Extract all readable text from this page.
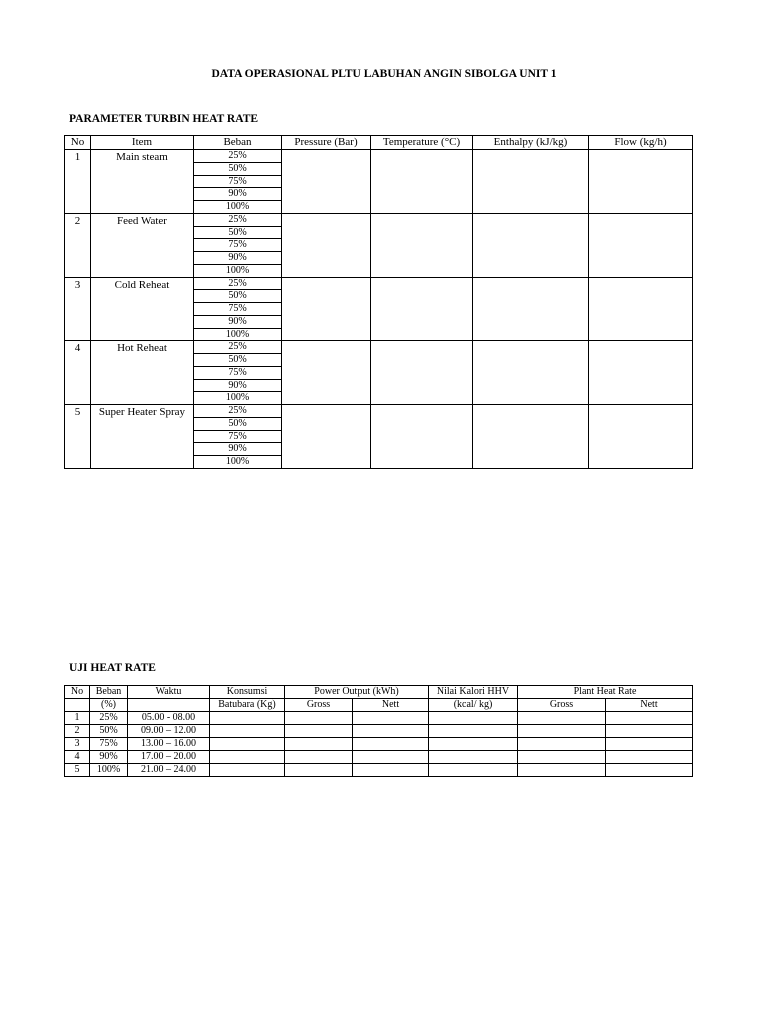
DATA OPERASIONAL PLTU LABUHAN ANGIN SIBOLGA UNIT 1
PARAMETER TURBIN HEAT RATE
No	Item	Beban	Pressure (Bar)	Temperature (°C)	Enthalpy (kJ/kg)	Flow (kg/h)
1	Main steam	25%				
		50%				
		75%				
		90%				
		100%				
2	Feed Water	25%				
		50%				
		75%				
		90%				
		100%				
3	Cold Reheat	25%				
		50%				
		75%				
		90%				
		100%				
4	Hot Reheat	25%				
		50%				
		75%				
		90%				
		100%				
5	Super Heater Spray	25%				
		50%				
		75%				
		90%				
		100%				
UJI HEAT RATE
No	Beban	Waktu	Konsumsi	Power Output (kWh)		Nilai Kalori HHV	Plant Heat Rate	
	(%)		Batubara (Kg)	Gross	Nett	(kcal/ kg)	Gross	Nett
1	25%	05.00 - 08.00						
2	50%	09.00 – 12.00						
3	75%	13.00 – 16.00						
4	90%	17.00 – 20.00						
5	100%	21.00 – 24.00						
